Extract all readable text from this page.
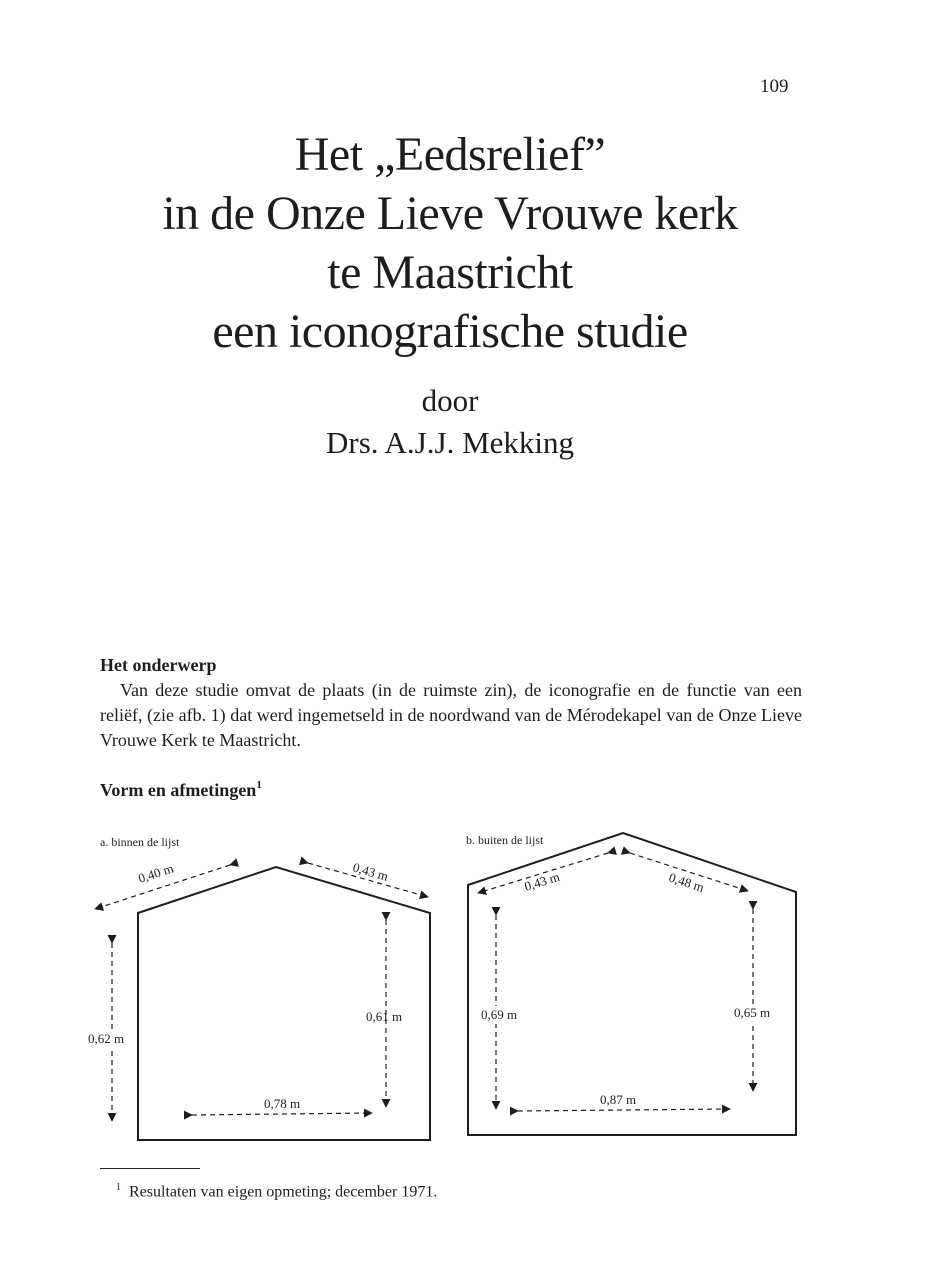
109
Het „Eedsrelief”
in de Onze Lieve Vrouwe kerk
te Maastricht
een iconografische studie
door
Drs. A.J.J. Mekking
Het onderwerp
Van deze studie omvat de plaats (in de ruimste zin), de iconografie en de functie van een reliëf, (zie afb. 1) dat werd ingemetseld in de noordwand van de Mérodekapel van de Onze Lieve Vrouwe Kerk te Maastricht.
Vorm en afmetingen$^1$
a. binnen de lijst
0,40 m	0,43 m
0,62 m
0,61 m
0,78 m
b. buiten de lijst
0,43 m	0,48 m
0,69 m	0,65 m
0,87 m
$^1$ Resultaten van eigen opmeting; december 1971.
